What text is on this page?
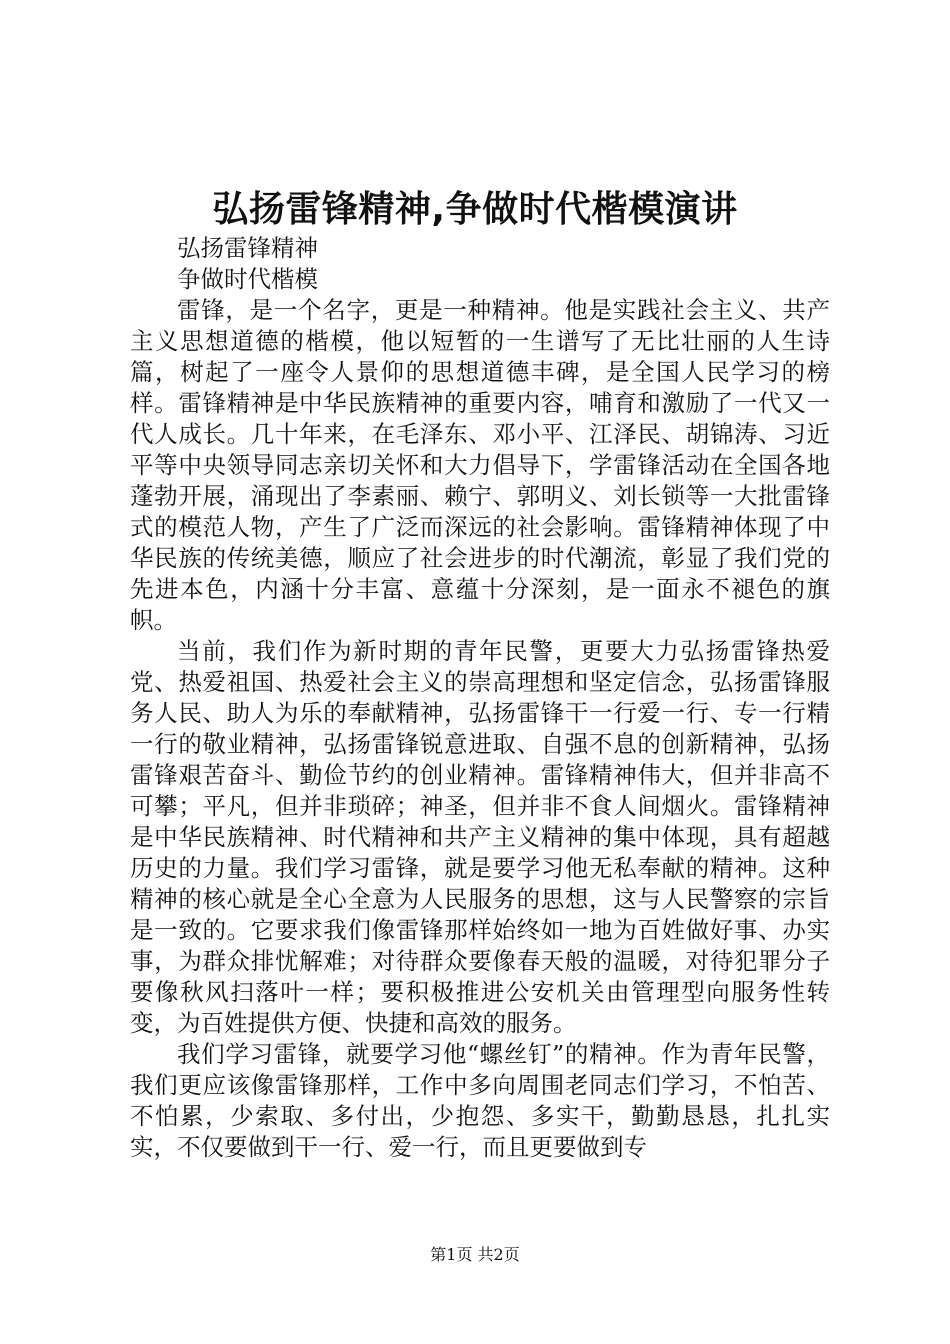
弘扬雷锋精神,争做时代楷模演讲

弘扬雷锋精神

争做时代楷模

雷锋，是一个名字，更是一种精神。他是实践社会主义、共产主义思想道德的楷模，他以短暂的一生谱写了无比壮丽的人生诗篇，树起了一座令人景仰的思想道德丰碑，是全国人民学习的榜样。雷锋精神是中华民族精神的重要内容，哺育和激励了一代又一代人成长。几十年来，在毛泽东、邓小平、江泽民、胡锦涛、习近平等中央领导同志亲切关怀和大力倡导下，学雷锋活动在全国各地蓬勃开展，涌现出了李素丽、赖宁、郭明义、刘长锁等一大批雷锋式的模范人物，产生了广泛而深远的社会影响。雷锋精神体现了中华民族的传统美德，顺应了社会进步的时代潮流，彰显了我们党的先进本色，内涵十分丰富、意蕴十分深刻，是一面永不褪色的旗帜。

当前，我们作为新时期的青年民警，更要大力弘扬雷锋热爱党、热爱祖国、热爱社会主义的崇高理想和坚定信念，弘扬雷锋服务人民、助人为乐的奉献精神，弘扬雷锋干一行爱一行、专一行精一行的敬业精神，弘扬雷锋锐意进取、自强不息的创新精神，弘扬雷锋艰苦奋斗、勤俭节约的创业精神。雷锋精神伟大，但并非高不可攀；平凡，但并非琐碎；神圣，但并非不食人间烟火。雷锋精神是中华民族精神、时代精神和共产主义精神的集中体现，具有超越历史的力量。我们学习雷锋，就是要学习他无私奉献的精神。这种精神的核心就是全心全意为人民服务的思想，这与人民警察的宗旨是一致的。它要求我们像雷锋那样始终如一地为百姓做好事、办实事，为群众排忧解难；对待群众要像春天般的温暖，对待犯罪分子要像秋风扫落叶一样；要积极推进公安机关由管理型向服务性转变，为百姓提供方便、快捷和高效的服务。

我们学习雷锋，就要学习他“螺丝钉”的精神。作为青年民警，我们更应该像雷锋那样，工作中多向周围老同志们学习，不怕苦、不怕累，少索取、多付出，少抱怨、多实干，勤勤恳恳，扎扎实实，不仅要做到干一行、爱一行，而且更要做到专

第1页 共2页
